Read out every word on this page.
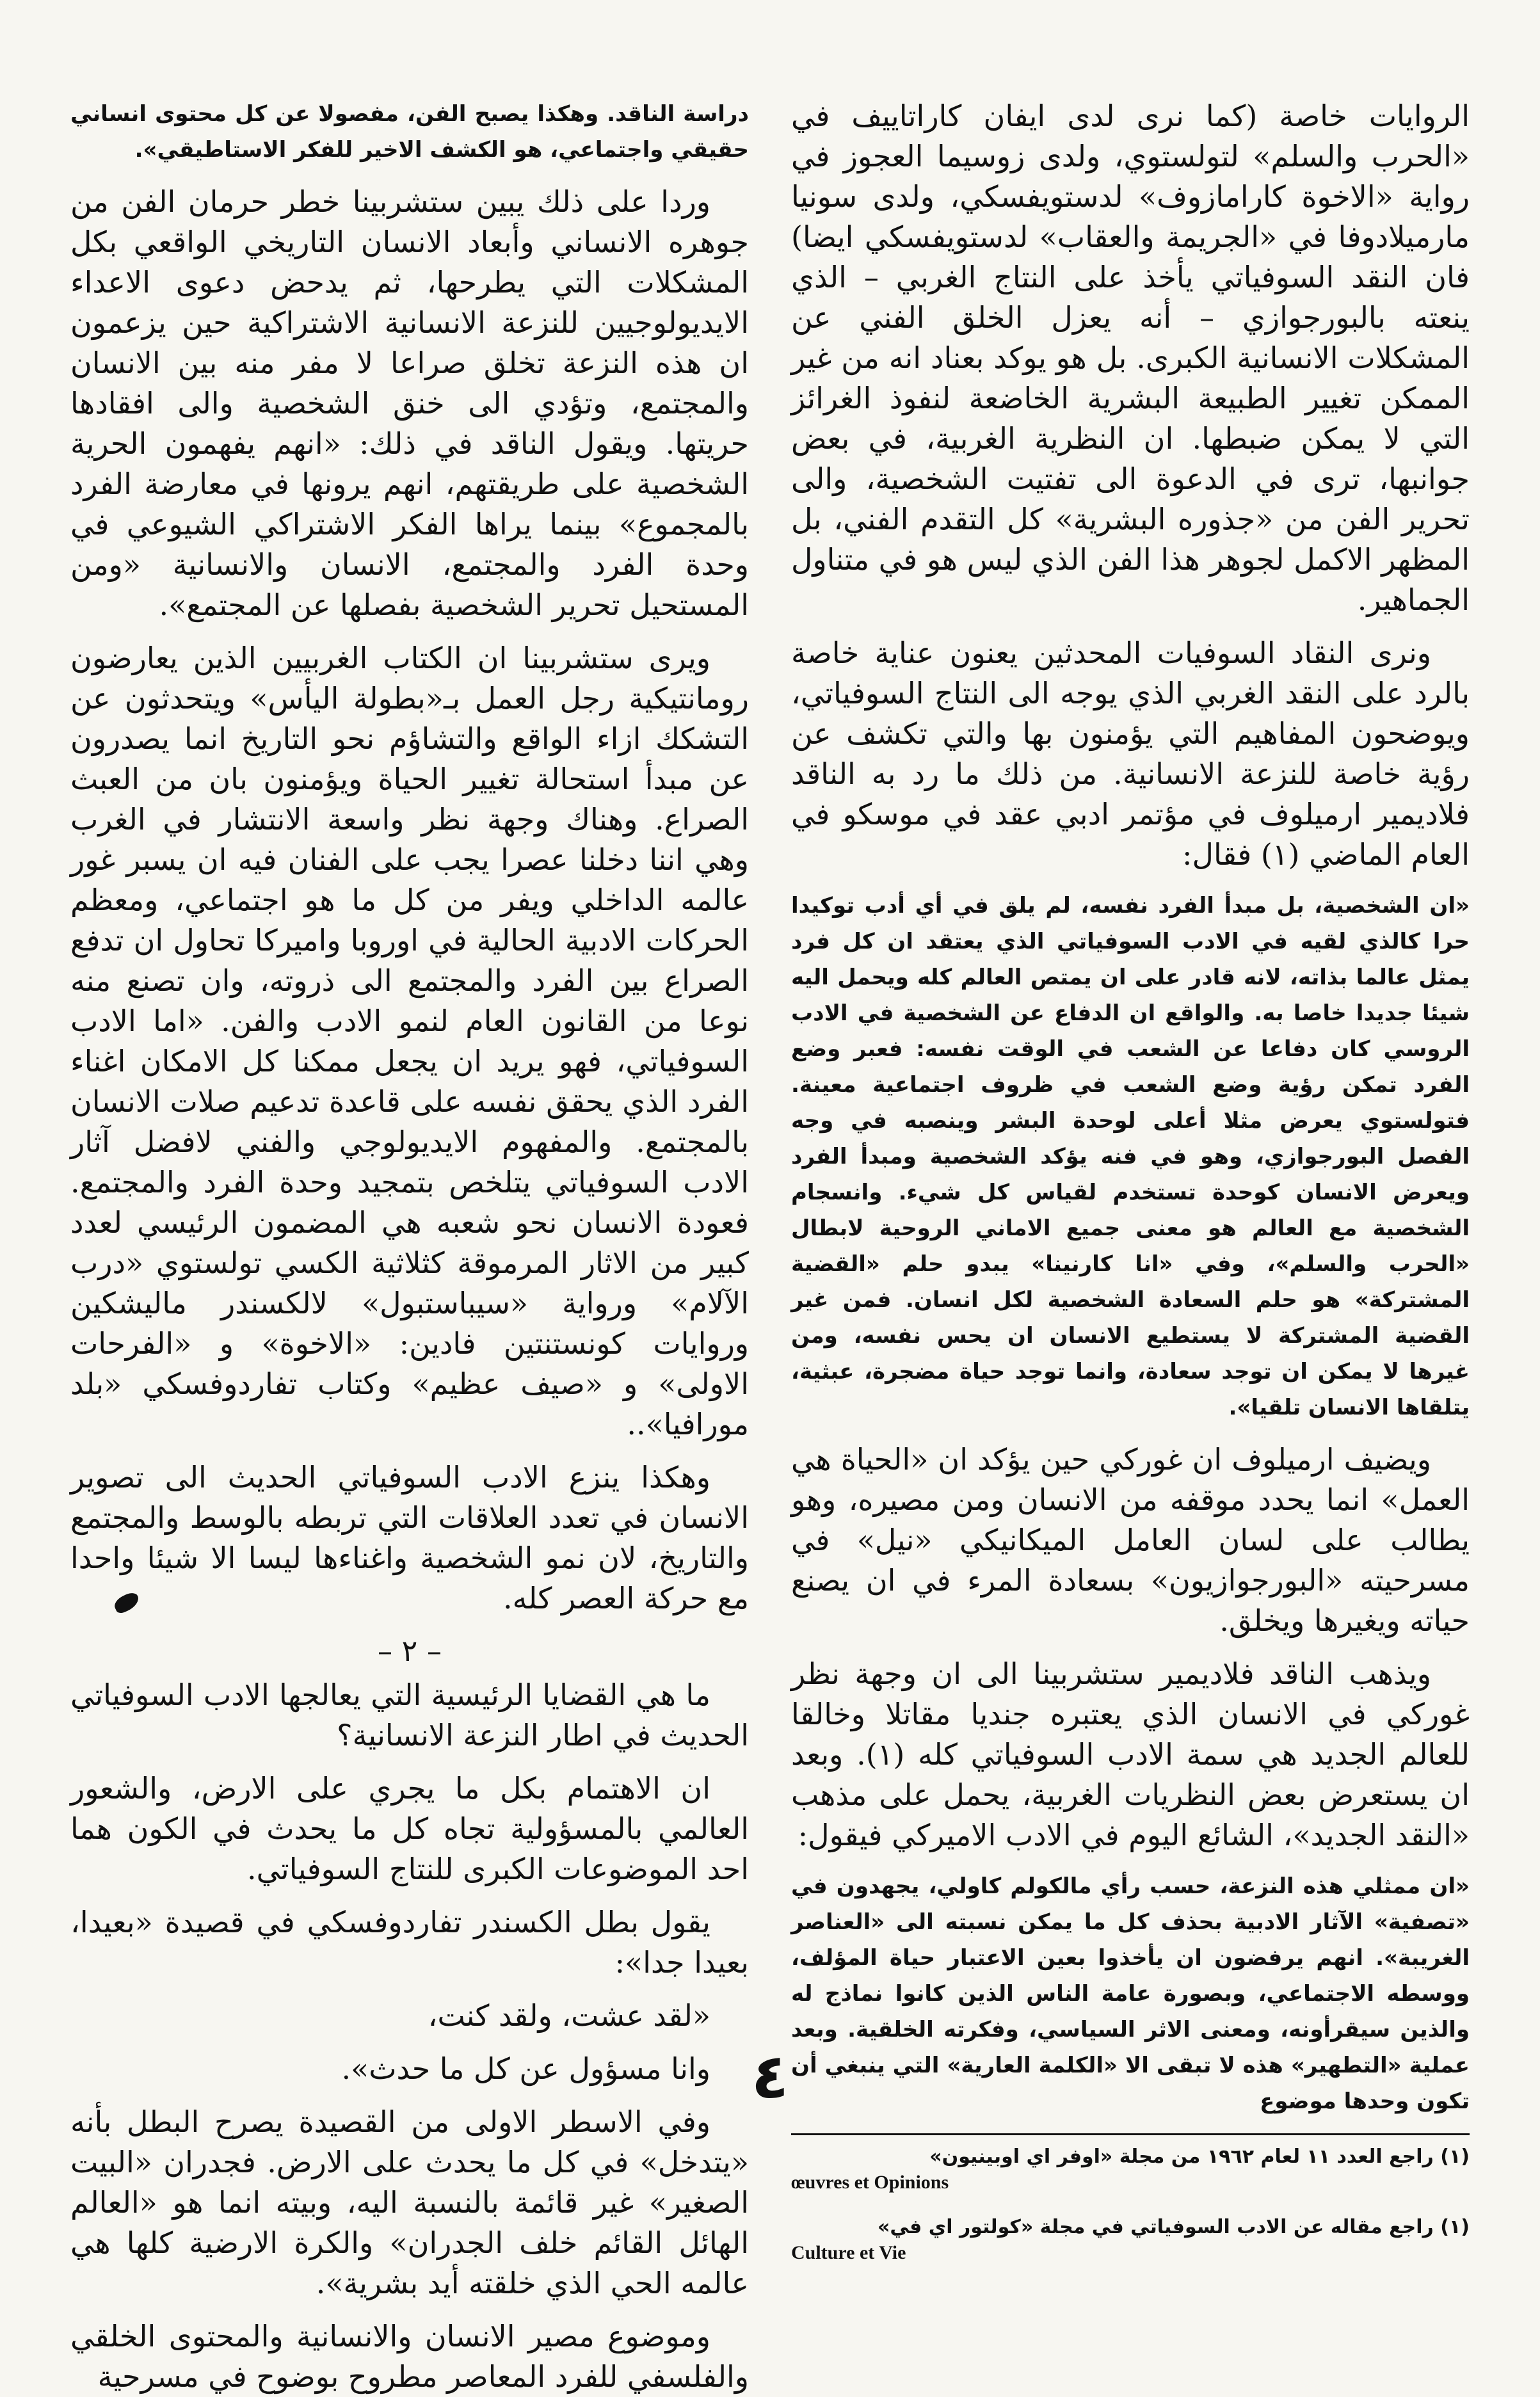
الروايات خاصة (كما نرى لدى ايفان كاراتاييف في «الحرب والسلم» لتولستوي، ولدى زوسيما العجوز في رواية «الاخوة كارامازوف» لدستويفسكي، ولدى سونيا مارميلادوفا في «الجريمة والعقاب» لدستويفسكي ايضا) فان النقد السوفياتي يأخذ على النتاج الغربي – الذي ينعته بالبورجوازي – أنه يعزل الخلق الفني عن المشكلات الانسانية الكبرى. بل هو يوكد بعناد انه من غير الممكن تغيير الطبيعة البشرية الخاضعة لنفوذ الغرائز التي لا يمكن ضبطها. ان النظرية الغربية، في بعض جوانبها، ترى في الدعوة الى تفتيت الشخصية، والى تحرير الفن من «جذوره البشرية» كل التقدم الفني، بل المظهر الاكمل لجوهر هذا الفن الذي ليس هو في متناول الجماهير.

ونرى النقاد السوفيات المحدثين يعنون عناية خاصة بالرد على النقد الغربي الذي يوجه الى النتاج السوفياتي، ويوضحون المفاهيم التي يؤمنون بها والتي تكشف عن رؤية خاصة للنزعة الانسانية. من ذلك ما رد به الناقد فلاديمير ارميلوف في مؤتمر ادبي عقد في موسكو في العام الماضي (١) فقال:

«ان الشخصية، بل مبدأ الفرد نفسه، لم يلق في أي أدب توكيدا حرا كالذي لقيه في الادب السوفياتي الذي يعتقد ان كل فرد يمثل عالما بذاته، لانه قادر على ان يمتص العالم كله ويحمل اليه شيئا جديدا خاصا به. والواقع ان الدفاع عن الشخصية في الادب الروسي كان دفاعا عن الشعب في الوقت نفسه: فعبر وضع الفرد تمكن رؤية وضع الشعب في ظروف اجتماعية معينة. فتولستوي يعرض مثلا أعلى لوحدة البشر وينصبه في وجه الفصل البورجوازي، وهو في فنه يؤكد الشخصية ومبدأ الفرد ويعرض الانسان كوحدة تستخدم لقياس كل شيء. وانسجام الشخصية مع العالم هو معنى جميع الاماني الروحية لابطال «الحرب والسلم»، وفي «انا كارنينا» يبدو حلم «القضية المشتركة» هو حلم السعادة الشخصية لكل انسان. فمن غير القضية المشتركة لا يستطيع الانسان ان يحس نفسه، ومن غيرها لا يمكن ان توجد سعادة، وانما توجد حياة مضجرة، عبثية، يتلقاها الانسان تلقيا».

ويضيف ارميلوف ان غوركي حين يؤكد ان «الحياة هي العمل» انما يحدد موقفه من الانسان ومن مصيره، وهو يطالب على لسان العامل الميكانيكي «نيل» في مسرحيته «البورجوازيون» بسعادة المرء في ان يصنع حياته ويغيرها ويخلق.

ويذهب الناقد فلاديمير ستشربينا الى ان وجهة نظر غوركي في الانسان الذي يعتبره جنديا مقاتلا وخالقا للعالم الجديد هي سمة الادب السوفياتي كله (١). وبعد ان يستعرض بعض النظريات الغربية، يحمل على مذهب «النقد الجديد»، الشائع اليوم في الادب الاميركي فيقول:

«ان ممثلي هذه النزعة، حسب رأي مالكولم كاولي، يجهدون في «تصفية» الآثار الادبية بحذف كل ما يمكن نسبته الى «العناصر الغريبة». انهم يرفضون ان يأخذوا بعين الاعتبار حياة المؤلف، ووسطه الاجتماعي، وبصورة عامة الناس الذين كانوا نماذج له والذين سيقرأونه، ومعنى الاثر السياسي، وفكرته الخلقية. وبعد عملية «التطهير» هذه لا تبقى الا «الكلمة العارية» التي ينبغي أن تكون وحدها موضوع

(١) راجع العدد ١١ لعام ١٩٦٢ من مجلة «اوفر اي اوبينيون»
œuvres et Opinions

(١) راجع مقاله عن الادب السوفياتي في مجلة «كولتور اي في»
Culture et Vie

دراسة الناقد. وهكذا يصبح الفن، مفصولا عن كل محتوى انساني حقيقي واجتماعي، هو الكشف الاخير للفكر الاستاطيقي».

وردا على ذلك يبين ستشربينا خطر حرمان الفن من جوهره الانساني وأبعاد الانسان التاريخي الواقعي بكل المشكلات التي يطرحها، ثم يدحض دعوى الاعداء الايديولوجيين للنزعة الانسانية الاشتراكية حين يزعمون ان هذه النزعة تخلق صراعا لا مفر منه بين الانسان والمجتمع، وتؤدي الى خنق الشخصية والى افقادها حريتها. ويقول الناقد في ذلك: «انهم يفهمون الحرية الشخصية على طريقتهم، انهم يرونها في معارضة الفرد بالمجموع» بينما يراها الفكر الاشتراكي الشيوعي في وحدة الفرد والمجتمع، الانسان والانسانية «ومن المستحيل تحرير الشخصية بفصلها عن المجتمع».

ويرى ستشربينا ان الكتاب الغربيين الذين يعارضون رومانتيكية رجل العمل بـ«بطولة اليأس» ويتحدثون عن التشكك ازاء الواقع والتشاؤم نحو التاريخ انما يصدرون عن مبدأ استحالة تغيير الحياة ويؤمنون بان من العبث الصراع. وهناك وجهة نظر واسعة الانتشار في الغرب وهي اننا دخلنا عصرا يجب على الفنان فيه ان يسبر غور عالمه الداخلي ويفر من كل ما هو اجتماعي، ومعظم الحركات الادبية الحالية في اوروبا واميركا تحاول ان تدفع الصراع بين الفرد والمجتمع الى ذروته، وان تصنع منه نوعا من القانون العام لنمو الادب والفن. «اما الادب السوفياتي، فهو يريد ان يجعل ممكنا كل الامكان اغناء الفرد الذي يحقق نفسه على قاعدة تدعيم صلات الانسان بالمجتمع. والمفهوم الايديولوجي والفني لافضل آثار الادب السوفياتي يتلخص بتمجيد وحدة الفرد والمجتمع. فعودة الانسان نحو شعبه هي المضمون الرئيسي لعدد كبير من الاثار المرموقة كثلاثية الكسي تولستوي «درب الآلام» ورواية «سيباستبول» لالكسندر ماليشكين وروايات كونستنتين فادين: «الاخوة» و «الفرحات الاولى» و «صيف عظيم» وكتاب تفاردوفسكي «بلد مورافيا»..

وهكذا ينزع الادب السوفياتي الحديث الى تصوير الانسان في تعدد العلاقات التي تربطه بالوسط والمجتمع والتاريخ، لان نمو الشخصية واغناءها ليسا الا شيئا واحدا مع حركة العصر كله.

– ٢ –

ما هي القضايا الرئيسية التي يعالجها الادب السوفياتي الحديث في اطار النزعة الانسانية؟

ان الاهتمام بكل ما يجري على الارض، والشعور العالمي بالمسؤولية تجاه كل ما يحدث في الكون هما احد الموضوعات الكبرى للنتاج السوفياتي.

يقول بطل الكسندر تفاردوفسكي في قصيدة «بعيدا، بعيدا جدا»:

«لقد عشت، ولقد كنت،

وانا مسؤول عن كل ما حدث».

وفي الاسطر الاولى من القصيدة يصرح البطل بأنه «يتدخل» في كل ما يحدث على الارض. فجدران «البيت الصغير» غير قائمة بالنسبة اليه، وبيته انما هو «العالم الهائل القائم خلف الجدران» والكرة الارضية كلها هي عالمه الحي الذي خلقته أيد بشرية».

وموضوع مصير الانسان والانسانية والمحتوى الخلقي والفلسفي للفرد المعاصر مطروح بوضوح في مسرحية

٤
